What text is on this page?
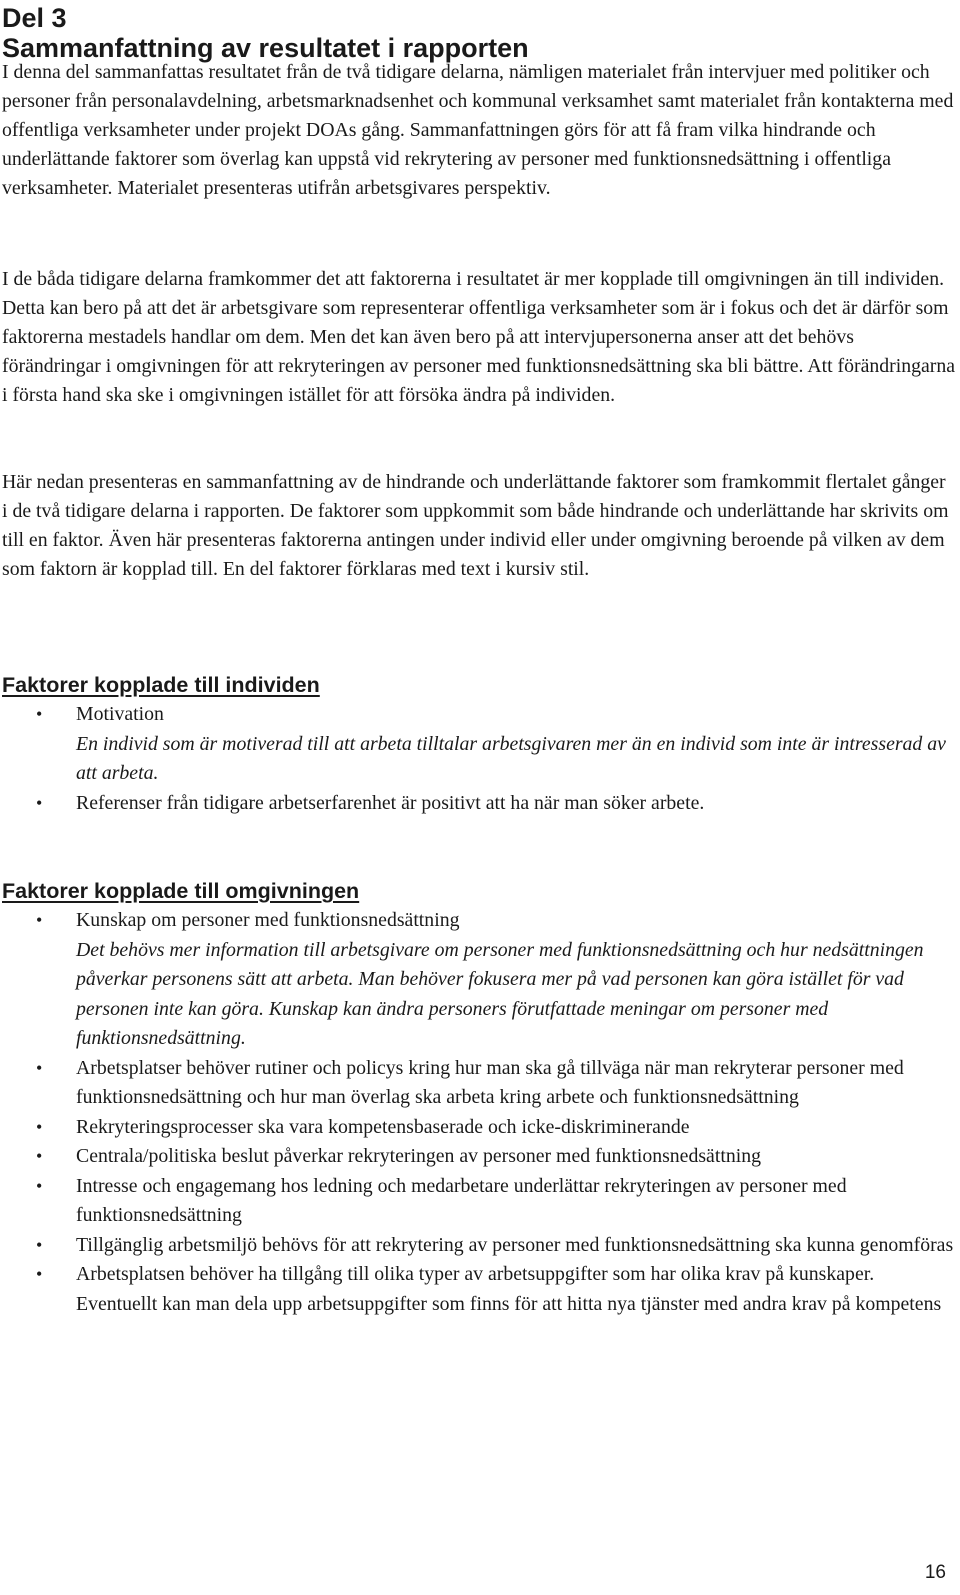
Del 3
Sammanfattning av resultatet i rapporten

I denna del sammanfattas resultatet från de två tidigare delarna, nämligen materialet från intervjuer med politiker och personer från personalavdelning, arbetsmarknadsenhet och kommunal verksamhet samt materialet från kontakterna med offentliga verksamheter under projekt DOAs gång. Sammanfattningen görs för att få fram vilka hindrande och underlättande faktorer som överlag kan uppstå vid rekrytering av personer med funktionsnedsättning i offentliga verksamheter. Materialet presenteras utifrån arbetsgivares perspektiv.

I de båda tidigare delarna framkommer det att faktorerna i resultatet är mer kopplade till omgivningen än till individen. Detta kan bero på att det är arbetsgivare som representerar offentliga verksamheter som är i fokus och det är därför som faktorerna mestadels handlar om dem. Men det kan även bero på att intervjupersonerna anser att det behövs förändringar i omgivningen för att rekryteringen av personer med funktionsnedsättning ska bli bättre. Att förändringarna i första hand ska ske i omgivningen istället för att försöka ändra på individen.

Här nedan presenteras en sammanfattning av de hindrande och underlättande faktorer som framkommit flertalet gånger i de två tidigare delarna i rapporten. De faktorer som uppkommit som både hindrande och underlättande har skrivits om till en faktor. Även här presenteras faktorerna antingen under individ eller under omgivning beroende på vilken av dem som faktorn är kopplad till. En del faktorer förklaras med text i kursiv stil.

Faktorer kopplade till individen
• Motivation
En individ som är motiverad till att arbeta tilltalar arbetsgivaren mer än en individ som inte är intresserad av att arbeta.
• Referenser från tidigare arbetserfarenhet är positivt att ha när man söker arbete.
Faktorer kopplade till omgivningen
• Kunskap om personer med funktionsnedsättning
Det behövs mer information till arbetsgivare om personer med funktionsnedsättning och hur nedsättningen påverkar personens sätt att arbeta. Man behöver fokusera mer på vad personen kan göra istället för vad personen inte kan göra. Kunskap kan ändra personers förutfattade meningar om personer med funktionsnedsättning.
• Arbetsplatser behöver rutiner och policys kring hur man ska gå tillväga när man rekryterar personer med funktionsnedsättning och hur man överlag ska arbeta kring arbete och funktionsnedsättning
• Rekryteringsprocesser ska vara kompetensbaserade och icke-diskriminerande
• Centrala/politiska beslut påverkar rekryteringen av personer med funktionsnedsättning
• Intresse och engagemang hos ledning och medarbetare underlättar rekryteringen av personer med funktionsnedsättning
• Tillgänglig arbetsmiljö behövs för att rekrytering av personer med funktionsnedsättning ska kunna genomföras
• Arbetsplatsen behöver ha tillgång till olika typer av arbetsuppgifter som har olika krav på kunskaper. Eventuellt kan man dela upp arbetsuppgifter som finns för att hitta nya tjänster med andra krav på kompetens
16
